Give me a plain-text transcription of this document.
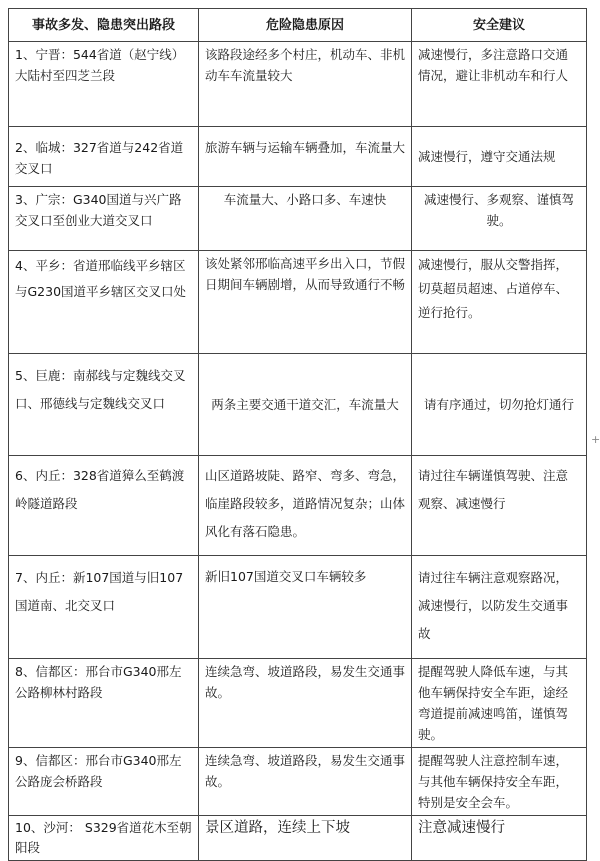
事故多发、隐患突出路段	危险隐患原因	安全建议
1、宁晋：544省道（赵宁线）大陆村至四芝兰段	该路段途经多个村庄，机动车、非机动车车流量较大	减速慢行，多注意路口交通情况，避让非机动车和行人
2、临城：327省道与242省道交叉口	旅游车辆与运输车辆叠加，车流量大	减速慢行，遵守交通法规
3、广宗：G340国道与兴广路交叉口至创业大道交叉口	车流量大、小路口多、车速快	减速慢行、多观察、谨慎驾驶。
4、平乡：省道邢临线平乡辖区与G230国道平乡辖区交叉口处	该处紧邻邢临高速平乡出入口，节假日期间车辆剧增，从而导致通行不畅	减速慢行，服从交警指挥，切莫超员超速、占道停车、逆行抢行。
5、巨鹿：南郝线与定魏线交叉口、邢德线与定魏线交叉口	两条主要交通干道交汇，车流量大	请有序通过，切勿抢灯通行
6、内丘：328省道獐么至鹤渡岭隧道路段	山区道路坡陡、路窄、弯多、弯急，临崖路段较多，道路情况复杂；山体风化有落石隐患。	请过往车辆谨慎驾驶、注意观察、减速慢行
7、内丘：新107国道与旧107国道南、北交叉口	新旧107国道交叉口车辆较多	请过往车辆注意观察路况，减速慢行，以防发生交通事故
8、信都区：邢台市G340邢左公路柳林村路段	连续急弯、坡道路段，易发生交通事故。	提醒驾驶人降低车速，与其他车辆保持安全车距，途经弯道提前减速鸣笛，谨慎驾驶。
9、信都区：邢台市G340邢左公路庞会桥路段	连续急弯、坡道路段，易发生交通事故。	提醒驾驶人注意控制车速，与其他车辆保持安全车距，特别是安全会车。
10、沙河： S329省道花木至朝阳段	景区道路，连续上下坡	注意减速慢行
+
